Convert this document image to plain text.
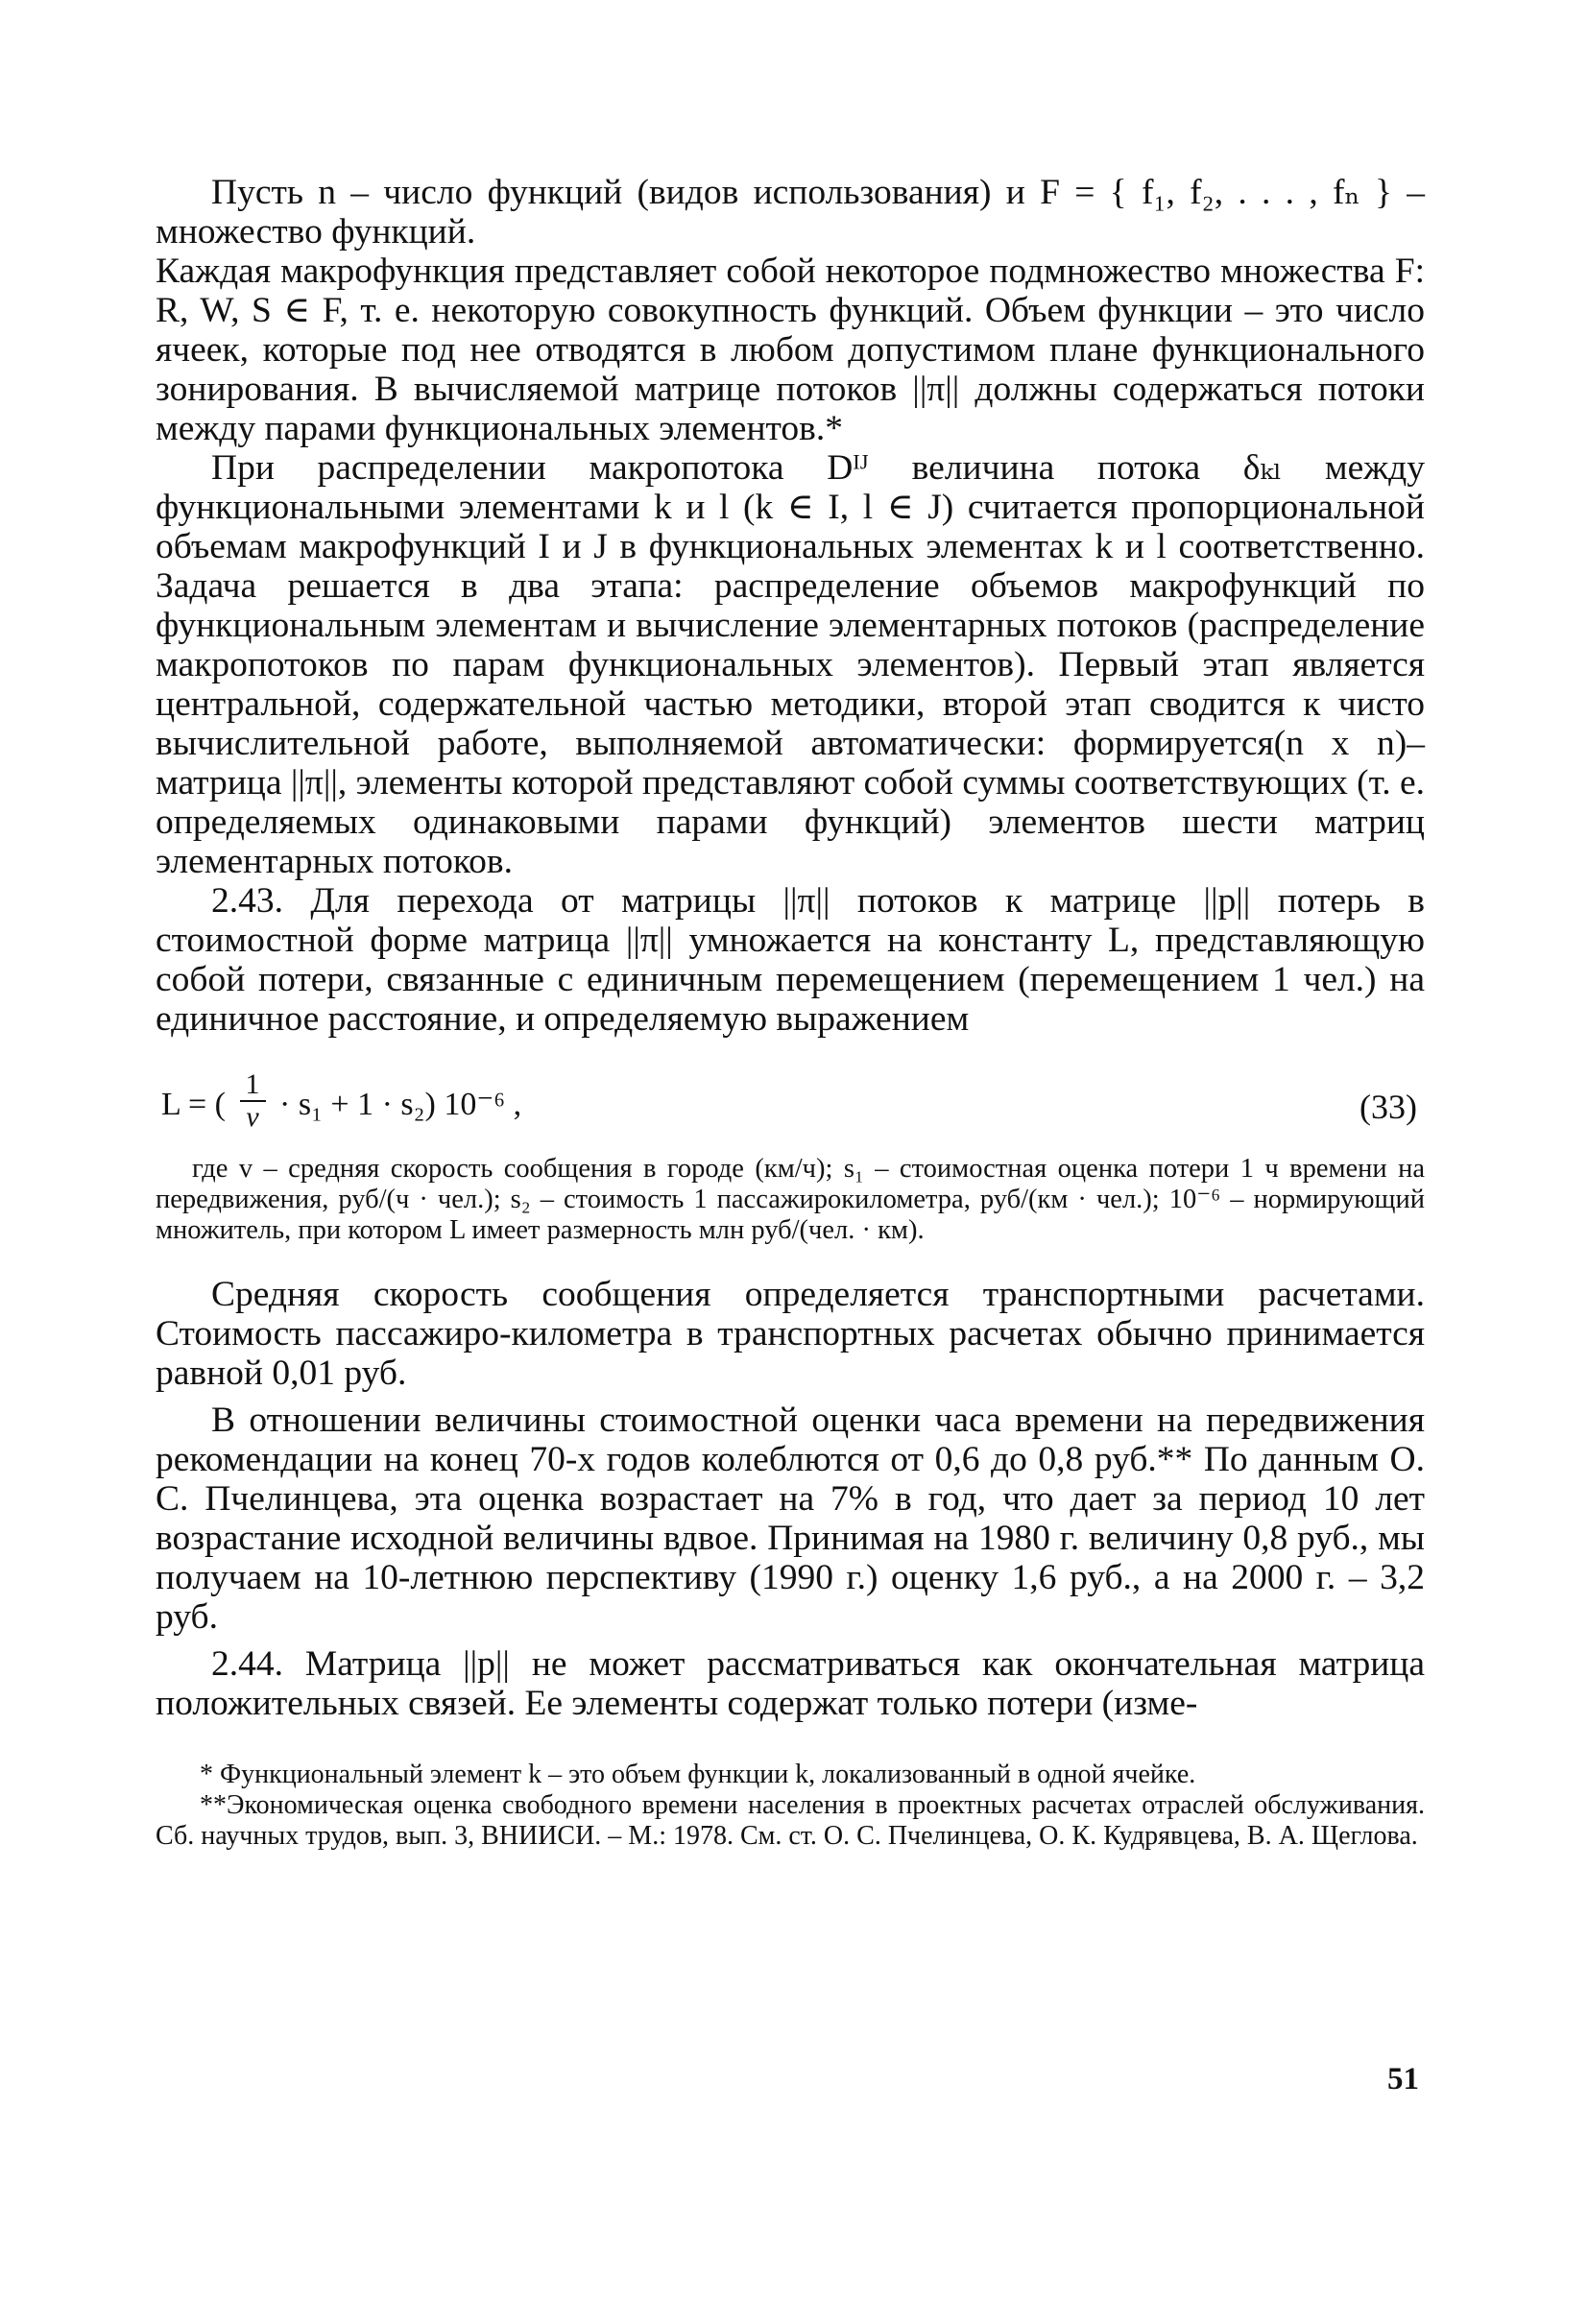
Пусть n – число функций (видов использования) и F = { f₁, f₂, . . . , fₙ } – множество функций.

Каждая макрофункция представляет собой некоторое подмножество множества F: R, W, S ∈ F, т. е. некоторую совокупность функций. Объем функции – это число ячеек, которые под нее отводятся в любом допустимом плане функционального зонирования. В вычисляемой матрице потоков ||π|| должны содержаться потоки между парами функциональных элементов.*

При распределении макропотока Dᴵᴶ величина потока δₖₗ между функциональными элементами k и l (k ∈ I, l ∈ J) считается пропорциональной объемам макрофункций I и J в функциональных элементах k и l соответственно. Задача решается в два этапа: распределение объемов макрофункций по функциональным элементам и вычисление элементарных потоков (распределение макропотоков по парам функциональных элементов). Первый этап является центральной, содержательной частью методики, второй этап сводится к чисто вычислительной работе, выполняемой автоматически: формируется(n x n)– матрица ||π||, элементы которой представляют собой суммы соответствующих (т. е. определяемых одинаковыми парами функций) элементов шести матриц элементарных потоков.

2.43. Для перехода от матрицы ||π|| потоков к матрице ||p|| потерь в стоимостной форме матрица ||π|| умножается на константу L, представляющую собой потери, связанные с единичным перемещением (перемещением 1 чел.) на единичное расстояние, и определяемую выражением

L = ( $\frac{1}{v} \cdot s_1 + 1 \cdot s_2$) 10⁻⁶ ,	(33)

где v – средняя скорость сообщения в городе (км/ч); s₁ – стоимостная оценка потери 1 ч времени на передвижения, руб/(ч · чел.); s₂ – стоимость 1 пассажирокилометра, руб/(км · чел.); 10⁻⁶ – нормирующий множитель, при котором L имеет размерность млн руб/(чел. · км).

Средняя скорость сообщения определяется транспортными расчетами. Стоимость пассажиро-километра в транспортных расчетах обычно принимается равной 0,01 руб.

В отношении величины стоимостной оценки часа времени на передвижения рекомендации на конец 70-х годов колеблются от 0,6 до 0,8 руб.** По данным О. С. Пчелинцева, эта оценка возрастает на 7% в год, что дает за период 10 лет возрастание исходной величины вдвое. Принимая на 1980 г. величину 0,8 руб., мы получаем на 10-летнюю перспективу (1990 г.) оценку 1,6 руб., а на 2000 г. – 3,2 руб.

2.44. Матрица ||p|| не может рассматриваться как окончательная матрица положительных связей. Ее элементы содержат только потери (изме-

* Функциональный элемент k – это объем функции k, локализованный в одной ячейке.

**Экономическая оценка свободного времени населения в проектных расчетах отраслей обслуживания. Сб. научных трудов, вып. 3, ВНИИСИ. – М.: 1978. См. ст. О. С. Пчелинцева, О. К. Кудрявцева, В. А. Щеглова.

51
